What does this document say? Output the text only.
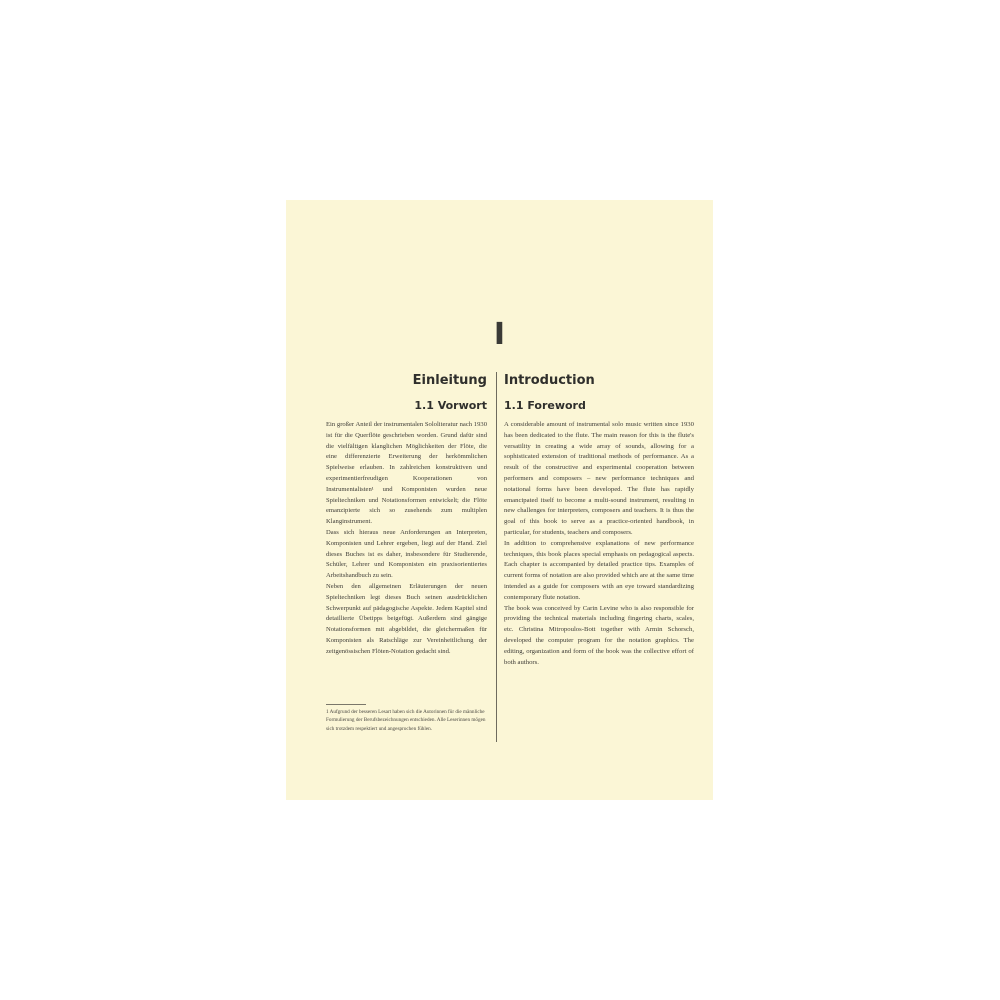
I
Einleitung
1.1 Vorwort

Ein großer Anteil der instrumentalen Sololiteratur nach 1930 ist für die Querflöte geschrieben worden. Grund dafür sind die vielfältigen klanglichen Möglichkeiten der Flöte, die eine differenzierte Erweiterung der herkömmlichen Spielweise erlauben. In zahlreichen konstruktiven und experimentierfreudigen Kooperationen von Instrumentalisten¹ und Komponisten wurden neue Spieltechniken und Notationsformen entwickelt; die Flöte emanzipierte sich so zusehends zum multiplen Klanginstrument.

Dass sich hieraus neue Anforderungen an Interpreten, Komponisten und Lehrer ergeben, liegt auf der Hand. Ziel dieses Buches ist es daher, insbesondere für Studierende, Schüler, Lehrer und Komponisten ein praxisorientiertes Arbeitshandbuch zu sein.

Neben den allgemeinen Erläuterungen der neuen Spieltechniken legt dieses Buch seinen ausdrücklichen Schwerpunkt auf pädagogische Aspekte. Jedem Kapitel sind detaillierte Übetipps beigefügt. Außerdem sind gängige Notationsformen mit abgebildet, die gleichermaßen für Komponisten als Ratschläge zur Vereinheitlichung der zeitgenössischen Flöten-Notation gedacht sind.

1 Aufgrund der besseren Lesart haben sich die Autorinnen für die männliche Formulierung der Berufsbezeichnungen entschieden. Alle Leserinnen mögen sich trotzdem respektiert und angesprochen fühlen.

Introduction
1.1 Foreword

A considerable amount of instrumental solo music written since 1930 has been dedicated to the flute. The main reason for this is the flute's versatility in creating a wide array of sounds, allowing for a sophisticated extension of traditional methods of performance. As a result of the constructive and experimental cooperation between performers and composers – new performance techniques and notational forms have been developed. The flute has rapidly emancipated itself to become a multi-sound instrument, resulting in new challenges for interpreters, composers and teachers. It is thus the goal of this book to serve as a practice-oriented handbook, in particular, for students, teachers and composers.

In addition to comprehensive explanations of new performance techniques, this book places special emphasis on pedagogical aspects. Each chapter is accompanied by detailed practice tips. Examples of current forms of notation are also provided which are at the same time intended as a guide for composers with an eye toward standardizing contemporary flute notation.

The book was conceived by Carin Levine who is also responsible for providing the technical materials including fingering charts, scales, etc. Christina Mitropoulos-Bott together with Armin Schorsch, developed the computer program for the notation graphics. The editing, organization and form of the book was the collective effort of both authors.
